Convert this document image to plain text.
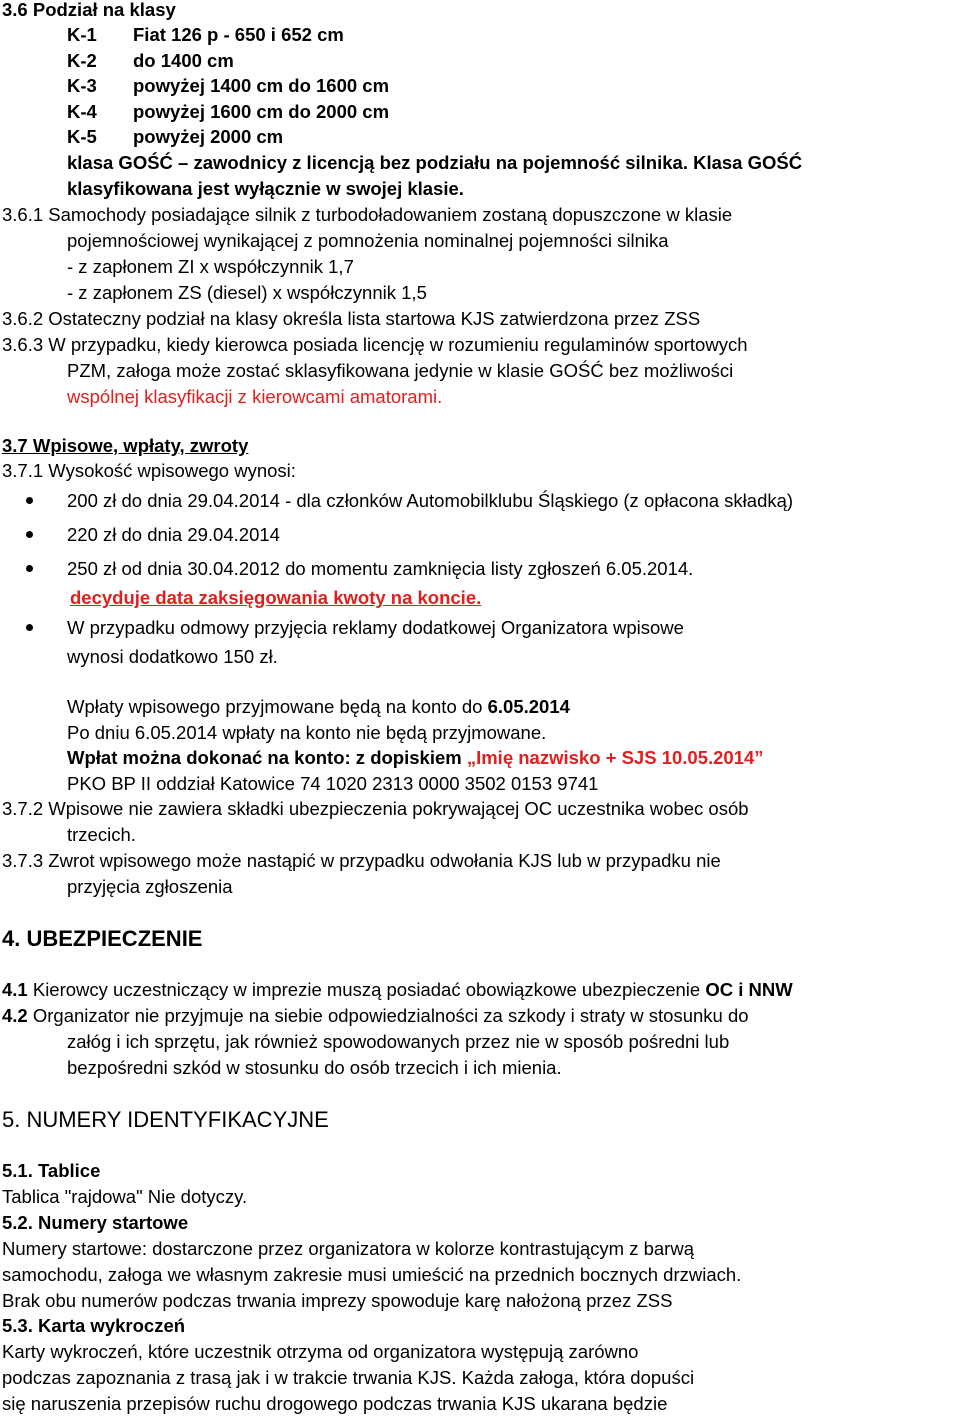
3.6 Podział na klasy
K-1 Fiat 126 p - 650 i 652 cm
K-2 do 1400 cm
K-3 powyżej 1400 cm do 1600 cm
K-4 powyżej 1600 cm do 2000 cm
K-5 powyżej 2000 cm
klasa GOŚĆ – zawodnicy z licencją bez podziału na pojemność silnika. Klasa GOŚĆ
klasyfikowana jest wyłącznie w swojej klasie.
3.6.1 Samochody posiadające silnik z turbodoładowaniem zostaną dopuszczone w klasie
pojemnościowej wynikającej z pomnożenia nominalnej pojemności silnika
- z zapłonem ZI x współczynnik 1,7
- z zapłonem ZS (diesel) x współczynnik 1,5
3.6.2 Ostateczny podział na klasy określa lista startowa KJS zatwierdzona przez ZSS
3.6.3 W przypadku, kiedy kierowca posiada licencję w rozumieniu regulaminów sportowych
PZM, załoga może zostać sklasyfikowana jedynie w klasie GOŚĆ bez możliwości
wspólnej klasyfikacji z kierowcami amatorami.
3.7 Wpisowe, wpłaty, zwroty
3.7.1 Wysokość wpisowego wynosi:
200 zł do dnia 29.04.2014 - dla członków Automobilklubu Śląskiego (z opłacona składką)
220 zł do dnia 29.04.2014
250 zł od dnia 30.04.2012 do momentu zamknięcia listy zgłoszeń 6.05.2014.
decyduje data zaksięgowania kwoty na koncie.
W przypadku odmowy przyjęcia reklamy dodatkowej Organizatora wpisowe
wynosi dodatkowo 150 zł.
Wpłaty wpisowego przyjmowane będą na konto do 6.05.2014
Po dniu 6.05.2014 wpłaty na konto nie będą przyjmowane.
Wpłat można dokonać na konto: z dopiskiem „Imię nazwisko + SJS 10.05.2014”
PKO BP II oddział Katowice 74 1020 2313 0000 3502 0153 9741
3.7.2 Wpisowe nie zawiera składki ubezpieczenia pokrywającej OC uczestnika wobec osób
trzecich.
3.7.3 Zwrot wpisowego może nastąpić w przypadku odwołania KJS lub w przypadku nie
przyjęcia zgłoszenia
4. UBEZPIECZENIE
4.1 Kierowcy uczestniczący w imprezie muszą posiadać obowiązkowe ubezpieczenie OC i NNW
4.2 Organizator nie przyjmuje na siebie odpowiedzialności za szkody i straty w stosunku do
załóg i ich sprzętu, jak również spowodowanych przez nie w sposób pośredni lub
bezpośredni szkód w stosunku do osób trzecich i ich mienia.
5. NUMERY IDENTYFIKACYJNE
5.1. Tablice
Tablica "rajdowa" Nie dotyczy.
5.2. Numery startowe
Numery startowe: dostarczone przez organizatora w kolorze kontrastującym z barwą
samochodu, załoga we własnym zakresie musi umieścić na przednich bocznych drzwiach.
Brak obu numerów podczas trwania imprezy spowoduje karę nałożoną przez ZSS
5.3. Karta wykroczeń
Karty wykroczeń, które uczestnik otrzyma od organizatora występują zarówno
podczas zapoznania z trasą jak i w trakcie trwania KJS. Każda załoga, która dopuści
się naruszenia przepisów ruchu drogowego podczas trwania KJS ukarana będzie
